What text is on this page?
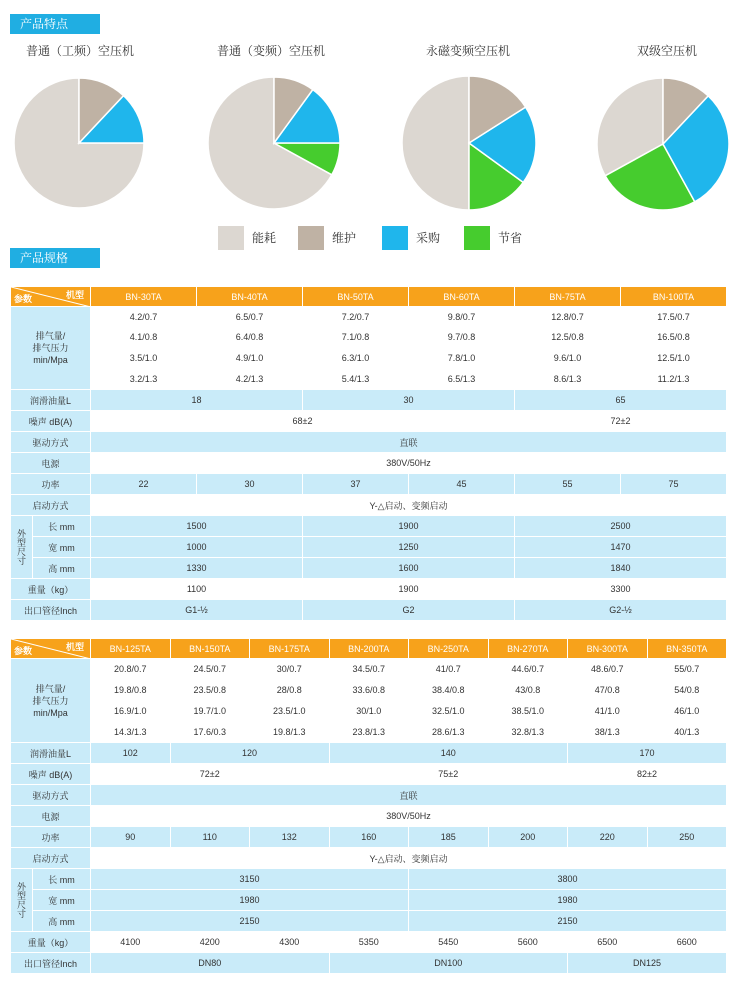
产品特点
普通（工频）空压机	普通（变频）空压机	永磁变频空压机	双级空压机
能耗	维护	采购	节省
产品规格
机型
参数		BN-30TA	BN-40TA	BN-50TA	BN-60TA	BN-75TA	BN-100TA
排气量/
排气压力
min/Mpa		4.2/0.7	6.5/0.7	7.2/0.7	9.8/0.7	12.8/0.7	17.5/0.7
		4.1/0.8	6.4/0.8	7.1/0.8	9.7/0.8	12.5/0.8	16.5/0.8
		3.5/1.0	4.9/1.0	6.3/1.0	7.8/1.0	9.6/1.0	12.5/1.0
		3.2/1.3	4.2/1.3	5.4/1.3	6.5/1.3	8.6/1.3	11.2/1.3
润滑油量L		18		30		65	
噪声 dB(A)		68±2				72±2	
驱动方式		直联					
电源		380V/50Hz					
功率		22	30	37	45	55	75
启动方式		Y-△启动、变频启动					
外型尺寸	长 mm	1500		1900		2500	
	宽 mm	1000		1250		1470	
	高 mm	1330		1600		1840	
重量（kg）		1100		1900		3300	
出口管径Inch		G1-½		G2		G2-½	
机型
参数		BN-125TA	BN-150TA	BN-175TA	BN-200TA	BN-250TA	BN-270TA	BN-300TA	BN-350TA
排气量/
排气压力
min/Mpa		20.8/0.7	24.5/0.7	30/0.7	34.5/0.7	41/0.7	44.6/0.7	48.6/0.7	55/0.7
		19.8/0.8	23.5/0.8	28/0.8	33.6/0.8	38.4/0.8	43/0.8	47/0.8	54/0.8
		16.9/1.0	19.7/1.0	23.5/1.0	30/1.0	32.5/1.0	38.5/1.0	41/1.0	46/1.0
		14.3/1.3	17.6/0.3	19.8/1.3	23.8/1.3	28.6/1.3	32.8/1.3	38/1.3	40/1.3
润滑油量L		102	120		140			170	
噪声 dB(A)		72±2			75±2			82±2	
驱动方式		直联							
电源		380V/50Hz							
功率		90	110	132	160	185	200	220	250
启动方式		Y-△启动、变频启动							
外型尺寸	长 mm	3150				3800			
	宽 mm	1980				1980			
	高 mm	2150				2150			
重量（kg）		4100	4200	4300	5350	5450	5600	6500	6600
出口管径Inch		DN80			DN100			DN125	
